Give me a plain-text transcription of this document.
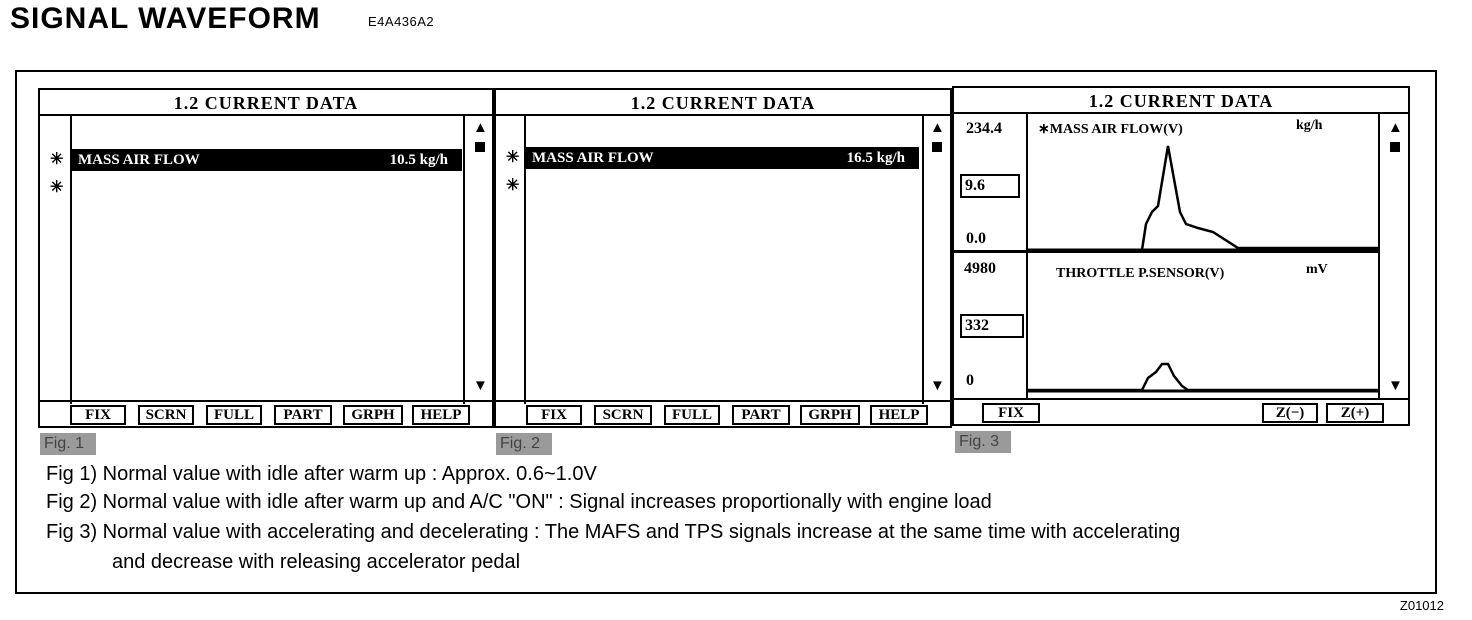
SIGNAL WAVEFORM	E4A436A2
1.2 CURRENT DATA
✳
✳
MASS AIR FLOW	10.5 kg/h
▲
▼
FIX	SCRN	FULL	PART	GRPH	HELP
Fig. 1
1.2 CURRENT DATA
✳
✳
MASS AIR FLOW	16.5 kg/h
▲
▼
FIX	SCRN	FULL	PART	GRPH	HELP
Fig. 2
1.2 CURRENT DATA
234.4
9.6
0.0
∗MASS AIR FLOW(V)	kg/h
4980
332
0
THROTTLE P.SENSOR(V)	mV
▲
▼
FIX	Z(−)	Z(+)
Fig. 3
Fig 1) Normal value with idle after warm up : Approx. 0.6~1.0V
Fig 2) Normal value with idle after warm up and A/C "ON" : Signal increases proportionally with engine load
Fig 3) Normal value with accelerating and decelerating : The MAFS and TPS signals increase at the same time with accelerating
and decrease with releasing accelerator pedal
Z01012
